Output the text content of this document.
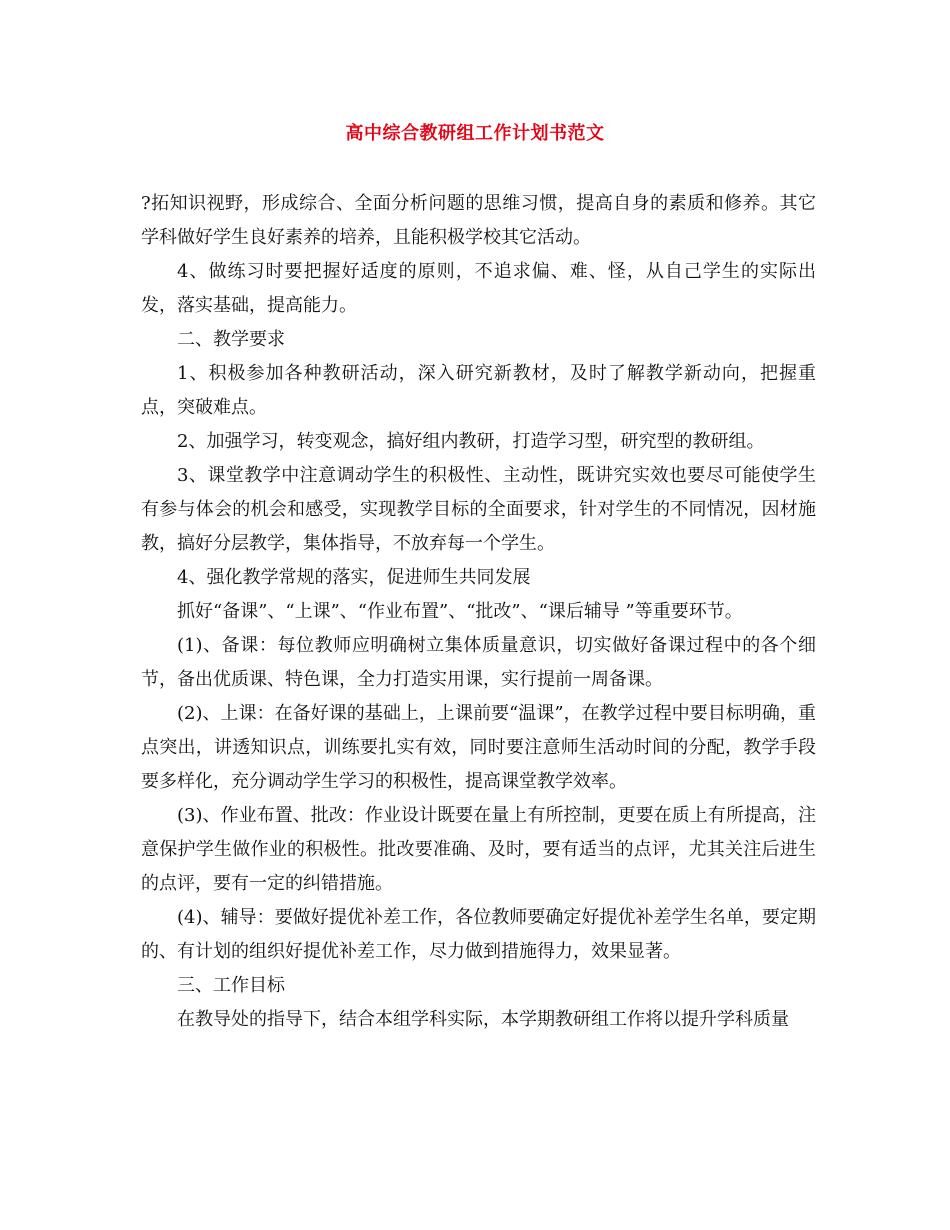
高中综合教研组工作计划书范文

?拓知识视野，形成综合、全面分析问题的思维习惯，提高自身的素质和修养。其它学科做好学生良好素养的培养，且能积极学校其它活动。

4、做练习时要把握好适度的原则，不追求偏、难、怪，从自己学生的实际出发，落实基础，提高能力。

二、教学要求

1、积极参加各种教研活动，深入研究新教材，及时了解教学新动向，把握重点，突破难点。

2、加强学习，转变观念，搞好组内教研，打造学习型，研究型的教研组。

3、课堂教学中注意调动学生的积极性、主动性，既讲究实效也要尽可能使学生有参与体会的机会和感受，实现教学目标的全面要求，针对学生的不同情况，因材施教，搞好分层教学，集体指导，不放弃每一个学生。

4、强化教学常规的落实，促进师生共同发展

抓好“备课”、“上课”、“作业布置”、“批改”、“课后辅导 ”等重要环节。

(1)、备课：每位教师应明确树立集体质量意识，切实做好备课过程中的各个细节，备出优质课、特色课，全力打造实用课，实行提前一周备课。

(2)、上课：在备好课的基础上，上课前要“温课”，在教学过程中要目标明确，重点突出，讲透知识点，训练要扎实有效，同时要注意师生活动时间的分配，教学手段要多样化，充分调动学生学习的积极性，提高课堂教学效率。

(3)、作业布置、批改：作业设计既要在量上有所控制，更要在质上有所提高，注意保护学生做作业的积极性。批改要准确、及时，要有适当的点评，尤其关注后进生的点评，要有一定的纠错措施。

(4)、辅导：要做好提优补差工作，各位教师要确定好提优补差学生名单，要定期的、有计划的组织好提优补差工作，尽力做到措施得力，效果显著。

三、工作目标

在教导处的指导下，结合本组学科实际，本学期教研组工作将以提升学科质量
